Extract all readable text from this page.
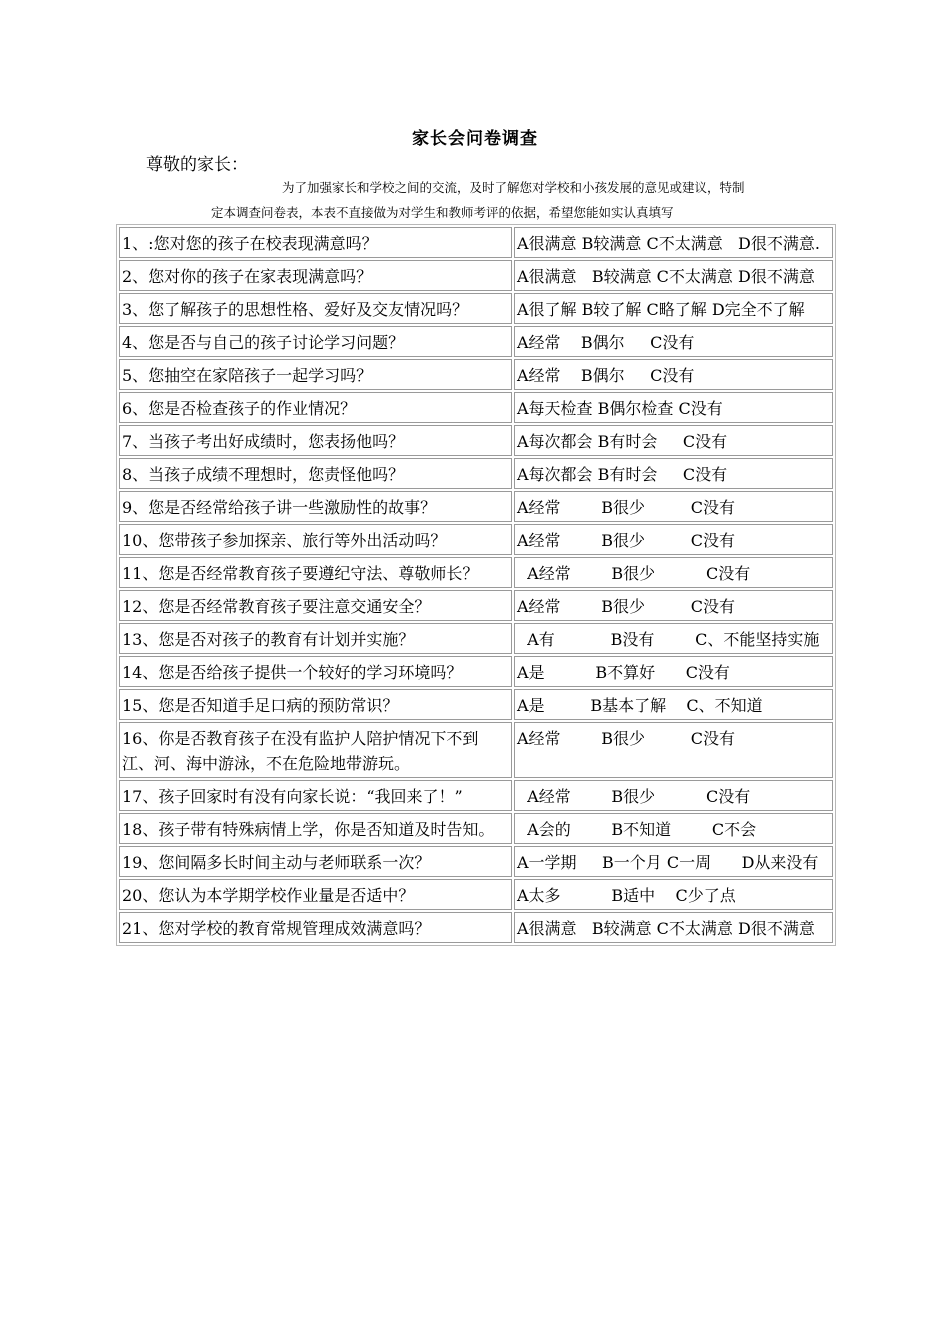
家长会问卷调查
尊敬的家长：
为了加强家长和学校之间的交流，及时了解您对学校和小孩发展的意见或建议，特制
定本调查问卷表，本表不直接做为对学生和教师考评的依据，希望您能如实认真填写
1、:您对您的孩子在校表现满意吗？	A很满意 B较满意 C不太满意   D很不满意.
2、您对你的孩子在家表现满意吗？	A很满意   B较满意 C不太满意 D很不满意
3、您了解孩子的思想性格、爱好及交友情况吗？	A很了解 B较了解 C略了解 D完全不了解
4、您是否与自己的孩子讨论学习问题？	A经常    B偶尔     C没有
5、您抽空在家陪孩子一起学习吗？	A经常    B偶尔     C没有
6、您是否检查孩子的作业情况？	A每天检查 B偶尔检查 C没有
7、当孩子考出好成绩时，您表扬他吗？	A每次都会 B有时会     C没有
8、当孩子成绩不理想时，您责怪他吗？	A每次都会 B有时会     C没有
9、您是否经常给孩子讲一些激励性的故事？	A经常        B很少         C没有
10、您带孩子参加探亲、旅行等外出活动吗？	A经常        B很少         C没有
11、您是否经常教育孩子要遵纪守法、尊敬师长？	A经常        B很少          C没有
12、您是否经常教育孩子要注意交通安全？	A经常        B很少         C没有
13、您是否对孩子的教育有计划并实施？	A有           B没有        C、不能坚持实施
14、您是否给孩子提供一个较好的学习环境吗？	A是          B不算好      C没有
15、您是否知道手足口病的预防常识？	A是         B基本了解    C、不知道
16、你是否教育孩子在没有监护人陪护情况下不到江、河、海中游泳，不在危险地带游玩。	A经常        B很少         C没有
17、孩子回家时有没有向家长说：“我回来了！”	A经常        B很少          C没有
18、孩子带有特殊病情上学，你是否知道及时告知。	A会的        B不知道        C不会
19、您间隔多长时间主动与老师联系一次？	A一学期     B一个月 C一周      D从来没有
20、您认为本学期学校作业量是否适中？	A太多          B适中    C少了点
21、您对学校的教育常规管理成效满意吗？	A很满意   B较满意 C不太满意 D很不满意
